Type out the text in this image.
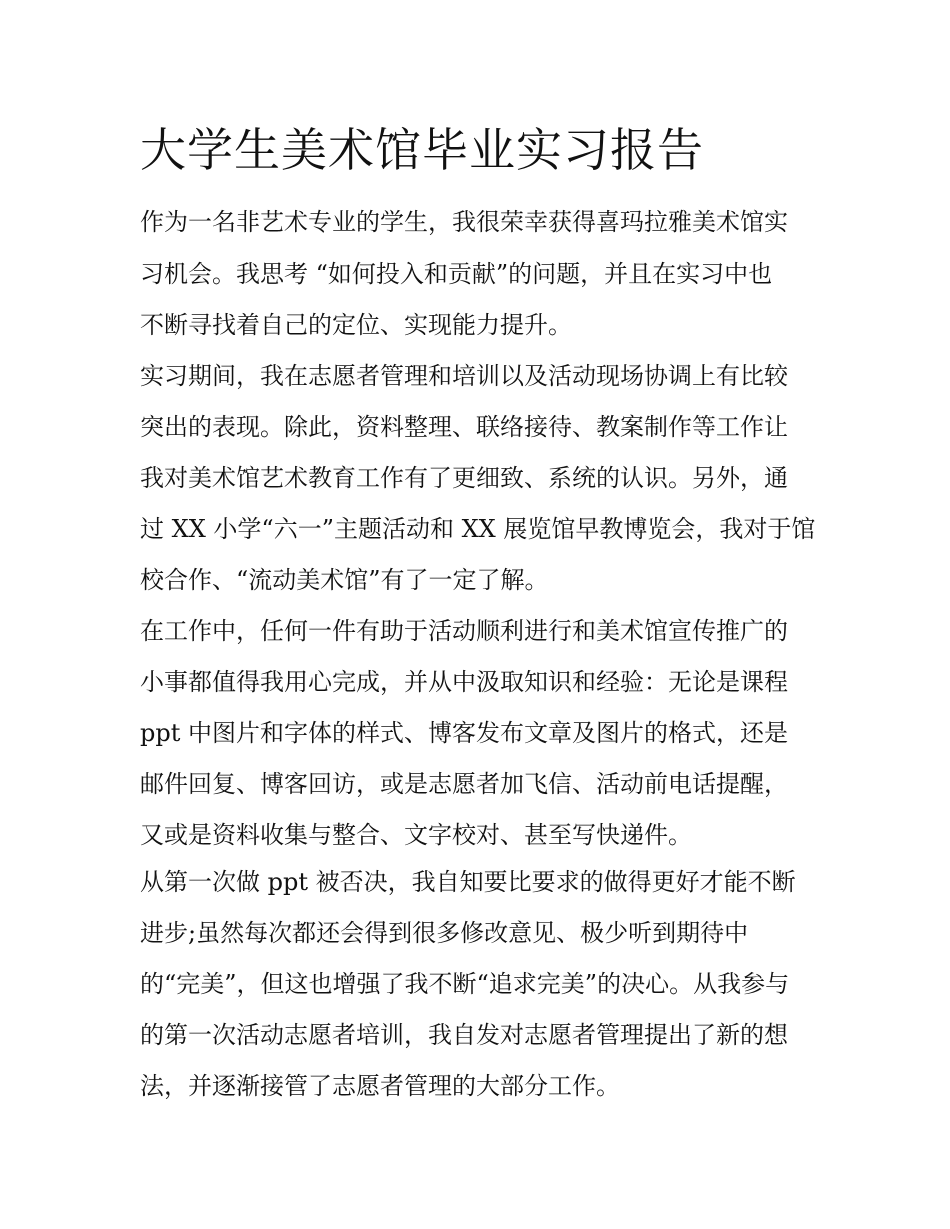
大学生美术馆毕业实习报告

作为一名非艺术专业的学生，我很荣幸获得喜玛拉雅美术馆实

习机会。我思考 “如何投入和贡献”的问题，并且在实习中也

不断寻找着自己的定位、实现能力提升。

实习期间，我在志愿者管理和培训以及活动现场协调上有比较

突出的表现。除此，资料整理、联络接待、教案制作等工作让

我对美术馆艺术教育工作有了更细致、系统的认识。另外，通

过 XX 小学“六一”主题活动和 XX 展览馆早教博览会，我对于馆

校合作、“流动美术馆”有了一定了解。

在工作中，任何一件有助于活动顺利进行和美术馆宣传推广的

小事都值得我用心完成，并从中汲取知识和经验：无论是课程

ppt 中图片和字体的样式、博客发布文章及图片的格式，还是

邮件回复、博客回访，或是志愿者加飞信、活动前电话提醒，

又或是资料收集与整合、文字校对、甚至写快递件。

从第一次做 ppt 被否决，我自知要比要求的做得更好才能不断

进步;虽然每次都还会得到很多修改意见、极少听到期待中

的“完美”，但这也增强了我不断“追求完美”的决心。从我参与

的第一次活动志愿者培训，我自发对志愿者管理提出了新的想

法，并逐渐接管了志愿者管理的大部分工作。
